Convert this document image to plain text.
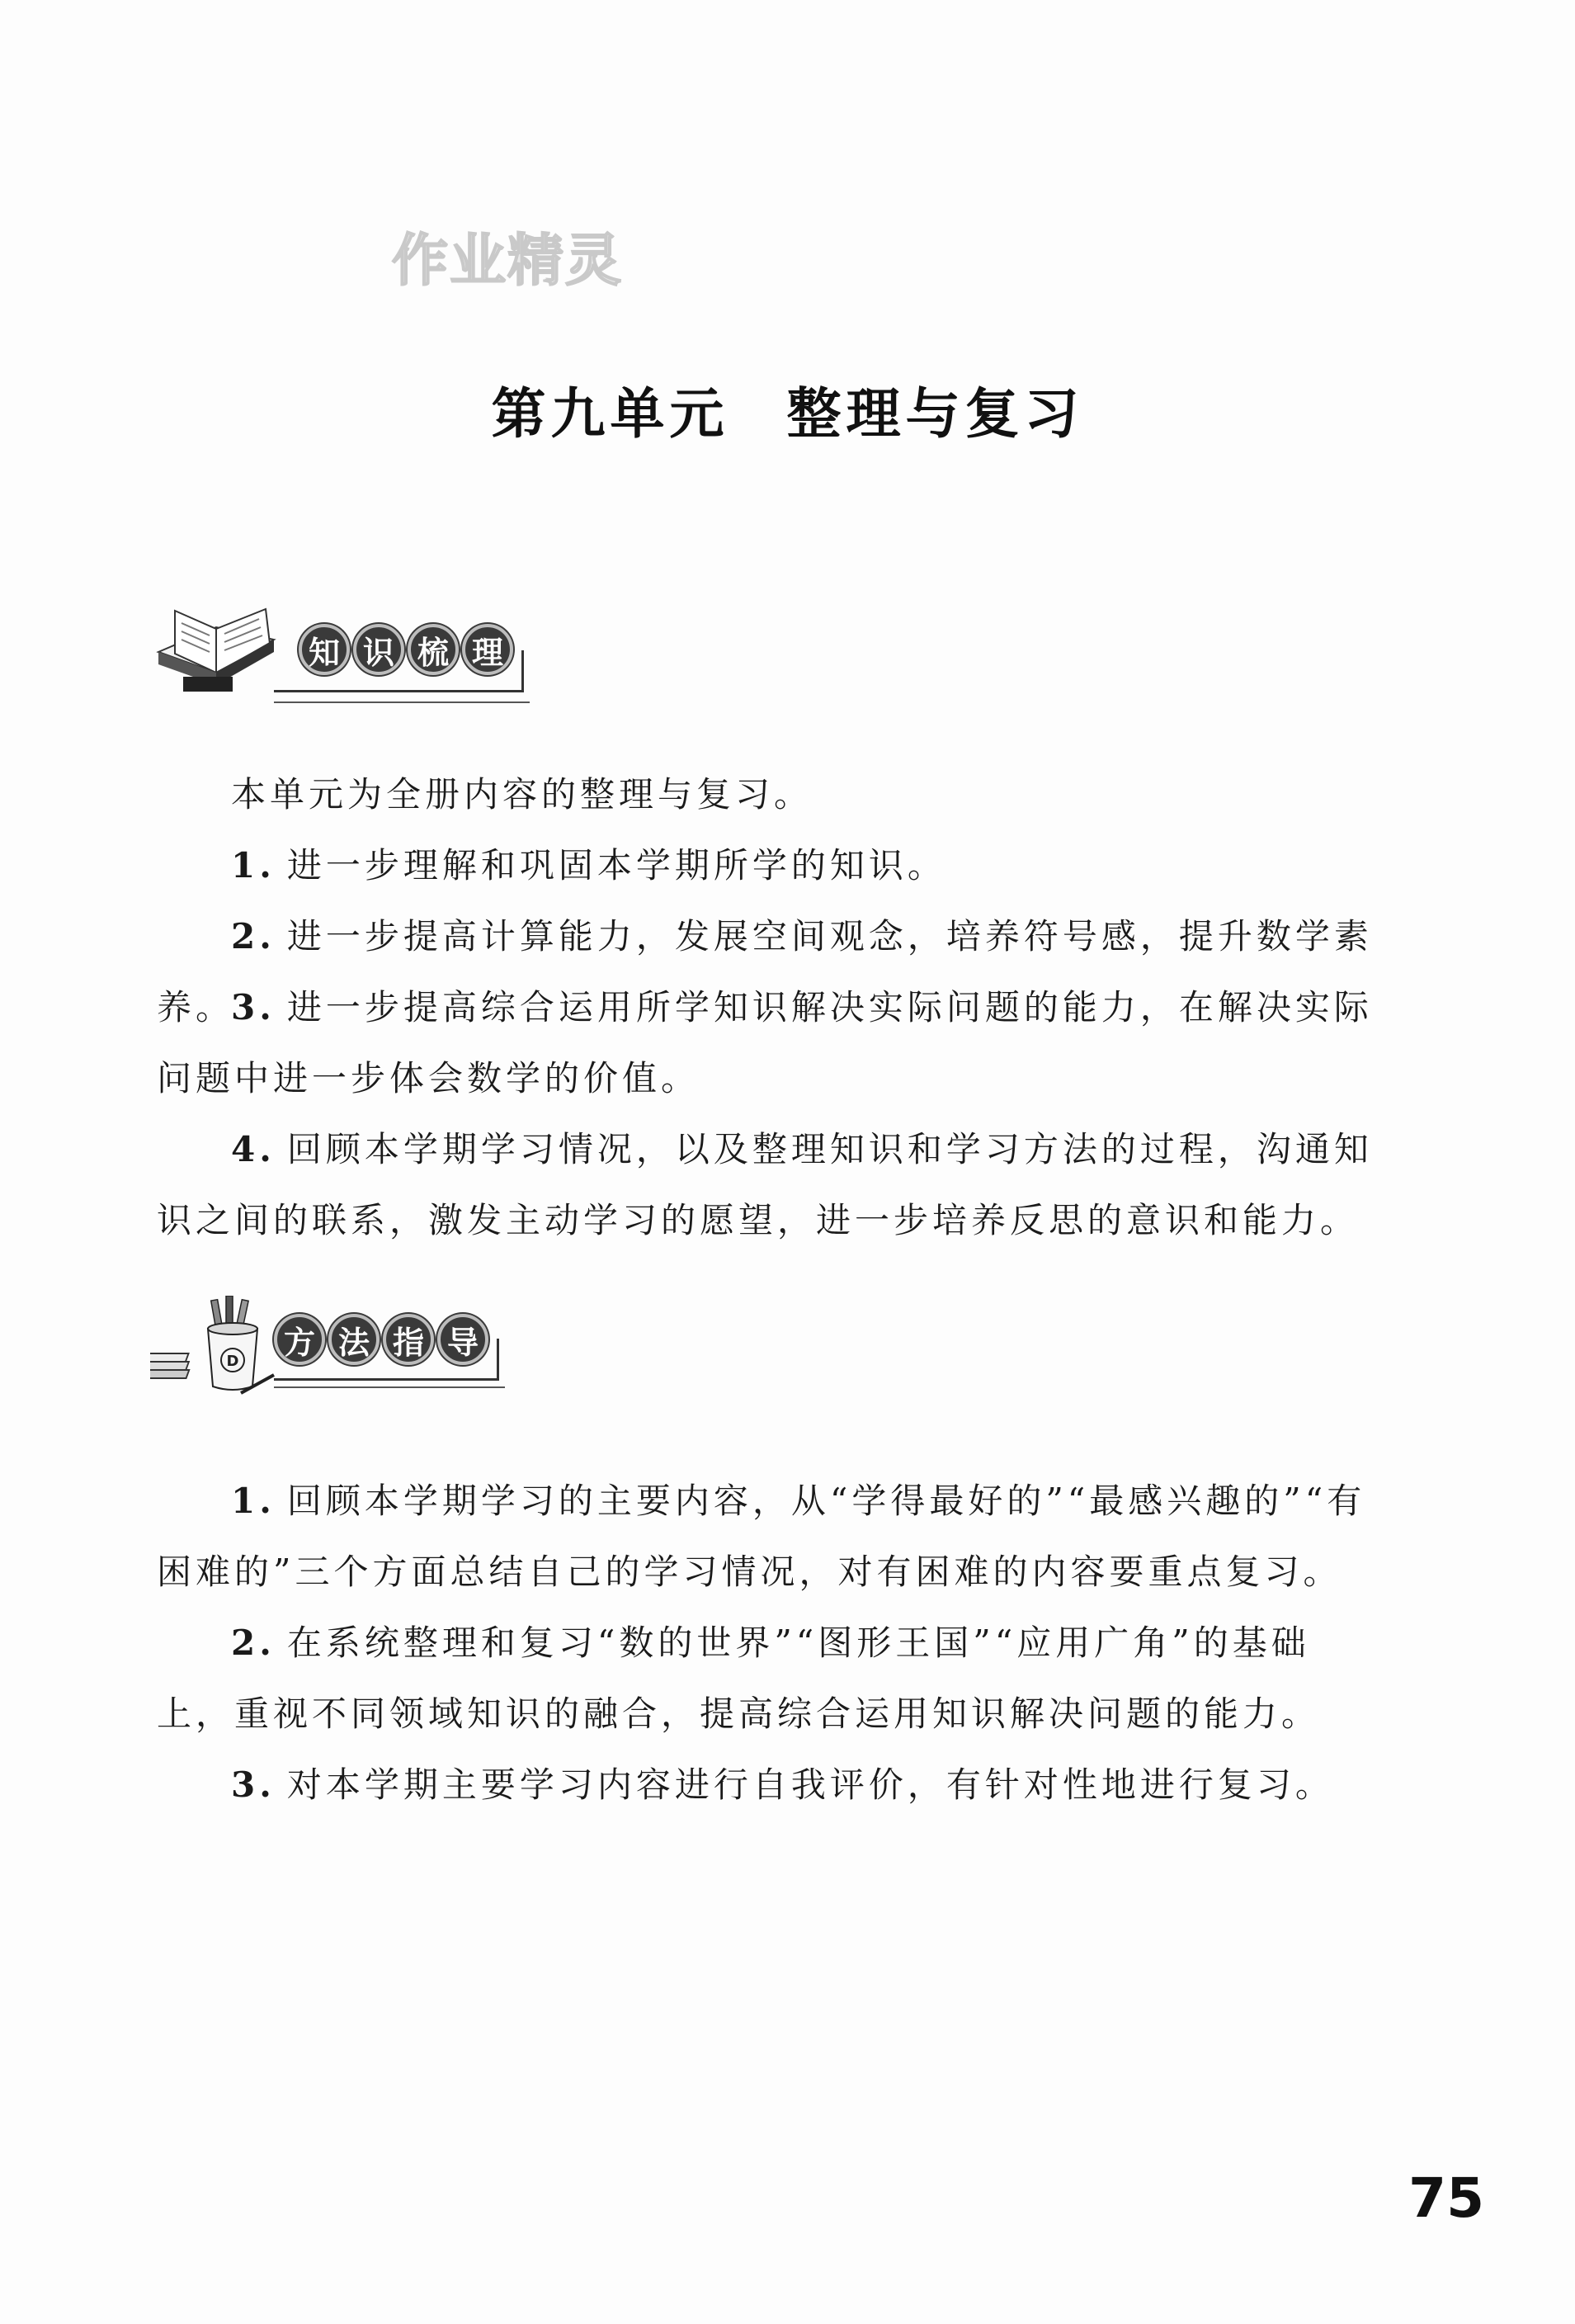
作业精灵
第九单元 整理与复习
知 识 梳 理
本单元为全册内容的整理与复习。
1. 进一步理解和巩固本学期所学的知识。
2. 进一步提高计算能力，发展空间观念，培养符号感，提升数学素养。
3. 进一步提高综合运用所学知识解决实际问题的能力，在解决实际问题中进一步体会数学的价值。
4. 回顾本学期学习情况，以及整理知识和学习方法的过程，沟通知识之间的联系，激发主动学习的愿望，进一步培养反思的意识和能力。
D
方 法 指 导
1. 回顾本学期学习的主要内容，从“学得最好的”“最感兴趣的”“有困难的”三个方面总结自己的学习情况，对有困难的内容要重点复习。
2. 在系统整理和复习“数的世界”“图形王国”“应用广角”的基础上，重视不同领域知识的融合，提高综合运用知识解决问题的能力。
3. 对本学期主要学习内容进行自我评价，有针对性地进行复习。
75
